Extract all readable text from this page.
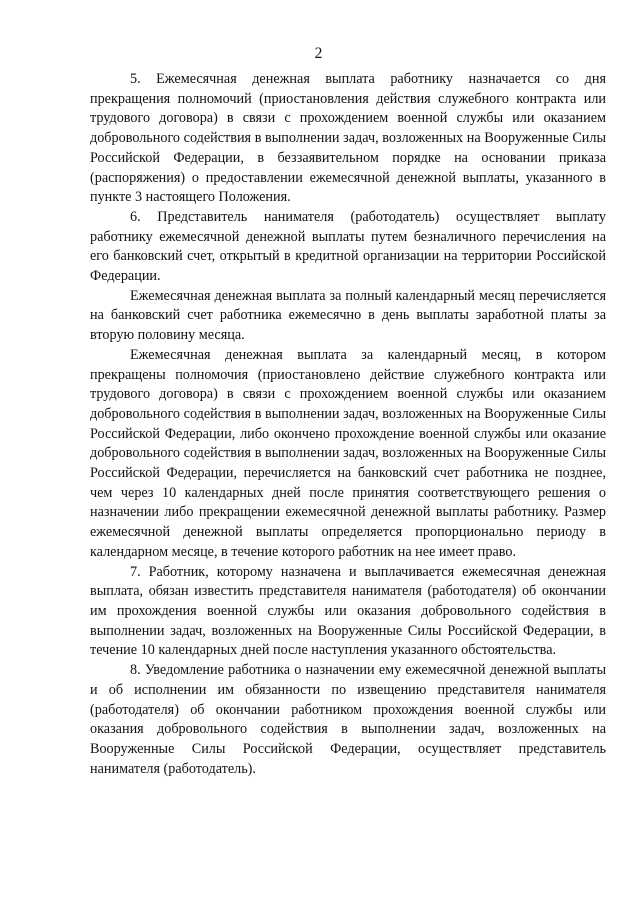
2

5. Ежемесячная денежная выплата работнику назначается со дня прекращения полномочий (приостановления действия служебного контракта или трудового договора) в связи с прохождением военной службы или оказанием добровольного содействия в выполнении задач, возложенных на Вооруженные Силы Российской Федерации, в беззаявительном порядке на основании приказа (распоряжения) о предоставлении ежемесячной денежной выплаты, указанного в пункте 3 настоящего Положения.

6. Представитель нанимателя (работодатель) осуществляет выплату работнику ежемесячной денежной выплаты путем безналичного перечисления на его банковский счет, открытый в кредитной организации на территории Российской Федерации.

Ежемесячная денежная выплата за полный календарный месяц перечисляется на банковский счет работника ежемесячно в день выплаты заработной платы за вторую половину месяца.

Ежемесячная денежная выплата за календарный месяц, в котором прекращены полномочия (приостановлено действие служебного контракта или трудового договора) в связи с прохождением военной службы или оказанием добровольного содействия в выполнении задач, возложенных на Вооруженные Силы Российской Федерации, либо окончено прохождение военной службы или оказание добровольного содействия в выполнении задач, возложенных на Вооруженные Силы Российской Федерации, перечисляется на банковский счет работника не позднее, чем через 10 календарных дней после принятия соответствующего решения о назначении либо прекращении ежемесячной денежной выплаты работнику. Размер ежемесячной денежной выплаты определяется пропорционально периоду в календарном месяце, в течение которого работник на нее имеет право.

7. Работник, которому назначена и выплачивается ежемесячная денежная выплата, обязан известить представителя нанимателя (работодателя) об окончании им прохождения военной службы или оказания добровольного содействия в выполнении задач, возложенных на Вооруженные Силы Российской Федерации, в течение 10 календарных дней после наступления указанного обстоятельства.

8. Уведомление работника о назначении ему ежемесячной денежной выплаты и об исполнении им обязанности по извещению представителя нанимателя (работодателя) об окончании работником прохождения военной службы или оказания добровольного содействия в выполнении задач, возложенных на Вооруженные Силы Российской Федерации, осуществляет представитель нанимателя (работодатель).
